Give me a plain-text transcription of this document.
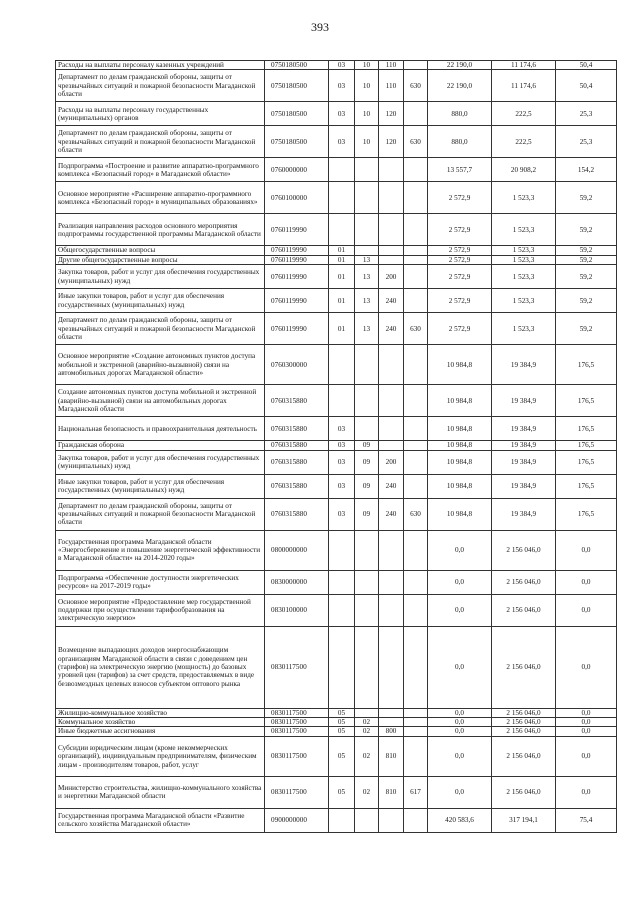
393
Расходы на выплаты персоналу казенных учреждений	0750180500	03	10	110		22 190,0	11 174,6	50,4
Департамент по делам гражданской обороны, защиты от чрезвычайных ситуаций и пожарной безопасности Магаданской области	0750180500	03	10	110	630	22 190,0	11 174,6	50,4
Расходы на выплаты персоналу государственных (муниципальных) органов	0750180500	03	10	120		880,0	222,5	25,3
Департамент по делам гражданской обороны, защиты от чрезвычайных ситуаций и пожарной безопасности Магаданской области	0750180500	03	10	120	630	880,0	222,5	25,3
Подпрограмма «Построение и развитие аппаратно-программного комплекса «Безопасный город» в Магаданской области»	0760000000					13 557,7	20 908,2	154,2
Основное мероприятие «Расширение аппаратно-программного комплекса «Безопасный город» в муниципальных образованиях»	0760100000					2 572,9	1 523,3	59,2
Реализация направления расходов основного мероприятия подпрограммы государственной программы Магаданской области	0760119990					2 572,9	1 523,3	59,2
Общегосударственные вопросы	0760119990	01				2 572,9	1 523,3	59,2
Другие общегосударственные вопросы	0760119990	01	13			2 572,9	1 523,3	59,2
Закупка товаров, работ и услуг для обеспечения государственных (муниципальных) нужд	0760119990	01	13	200		2 572,9	1 523,3	59,2
Иные закупки товаров, работ и услуг для обеспечения государственных (муниципальных) нужд	0760119990	01	13	240		2 572,9	1 523,3	59,2
Департамент по делам гражданской обороны, защиты от чрезвычайных ситуаций и пожарной безопасности Магаданской области	0760119990	01	13	240	630	2 572,9	1 523,3	59,2
Основное мероприятие «Создание автономных пунктов доступа мобильной и экстренной (аварийно-вызывной) связи на автомобильных дорогах Магаданской области»	0760300000					10 984,8	19 384,9	176,5
Создание автономных пунктов доступа мобильной и экстренной (аварийно-вызывной) связи на автомобильных дорогах Магаданской области	0760315880					10 984,8	19 384,9	176,5
Национальная безопасность и правоохранительная деятельность	0760315880	03				10 984,8	19 384,9	176,5
Гражданская оборона	0760315880	03	09			10 984,8	19 384,9	176,5
Закупка товаров, работ и услуг для обеспечения государственных (муниципальных) нужд	0760315880	03	09	200		10 984,8	19 384,9	176,5
Иные закупки товаров, работ и услуг для обеспечения государственных (муниципальных) нужд	0760315880	03	09	240		10 984,8	19 384,9	176,5
Департамент по делам гражданской обороны, защиты от чрезвычайных ситуаций и пожарной безопасности Магаданской области	0760315880	03	09	240	630	10 984,8	19 384,9	176,5
Государственная программа Магаданской области «Энергосбережение и повышение энергетической эффективности в Магаданской области» на 2014-2020 годы»	0800000000					0,0	2 156 046,0	0,0
Подпрограмма «Обеспечение доступности энергетических ресурсов» на 2017-2019 годы»	0830000000					0,0	2 156 046,0	0,0
Основное мероприятие «Предоставление мер государственной поддержки при осуществлении тарифообразования на электрическую энергию»	0830100000					0,0	2 156 046,0	0,0
Возмещение выпадающих доходов энергоснабжающим организациям Магаданской области в связи с доведением цен (тарифов) на электрическую энергию (мощность) до базовых уровней цен (тарифов) за счет средств, предоставляемых в виде безвозмездных целевых взносов субъектом оптового рынка	0830117500					0,0	2 156 046,0	0,0
Жилищно-коммунальное хозяйство	0830117500	05				0,0	2 156 046,0	0,0
Коммунальное хозяйство	0830117500	05	02			0,0	2 156 046,0	0,0
Иные бюджетные ассигнования	0830117500	05	02	800		0,0	2 156 046,0	0,0
Субсидии юридическим лицам (кроме некоммерческих организаций), индивидуальным предпринимателям, физическим лицам - производителям товаров, работ, услуг	0830117500	05	02	810		0,0	2 156 046,0	0,0
Министерство строительства, жилищно-коммунального хозяйства и энергетики Магаданской области	0830117500	05	02	810	617	0,0	2 156 046,0	0,0
Государственная программа Магаданской области «Развитие сельского хозяйства Магаданской области»	0900000000					420 583,6	317 194,1	75,4
